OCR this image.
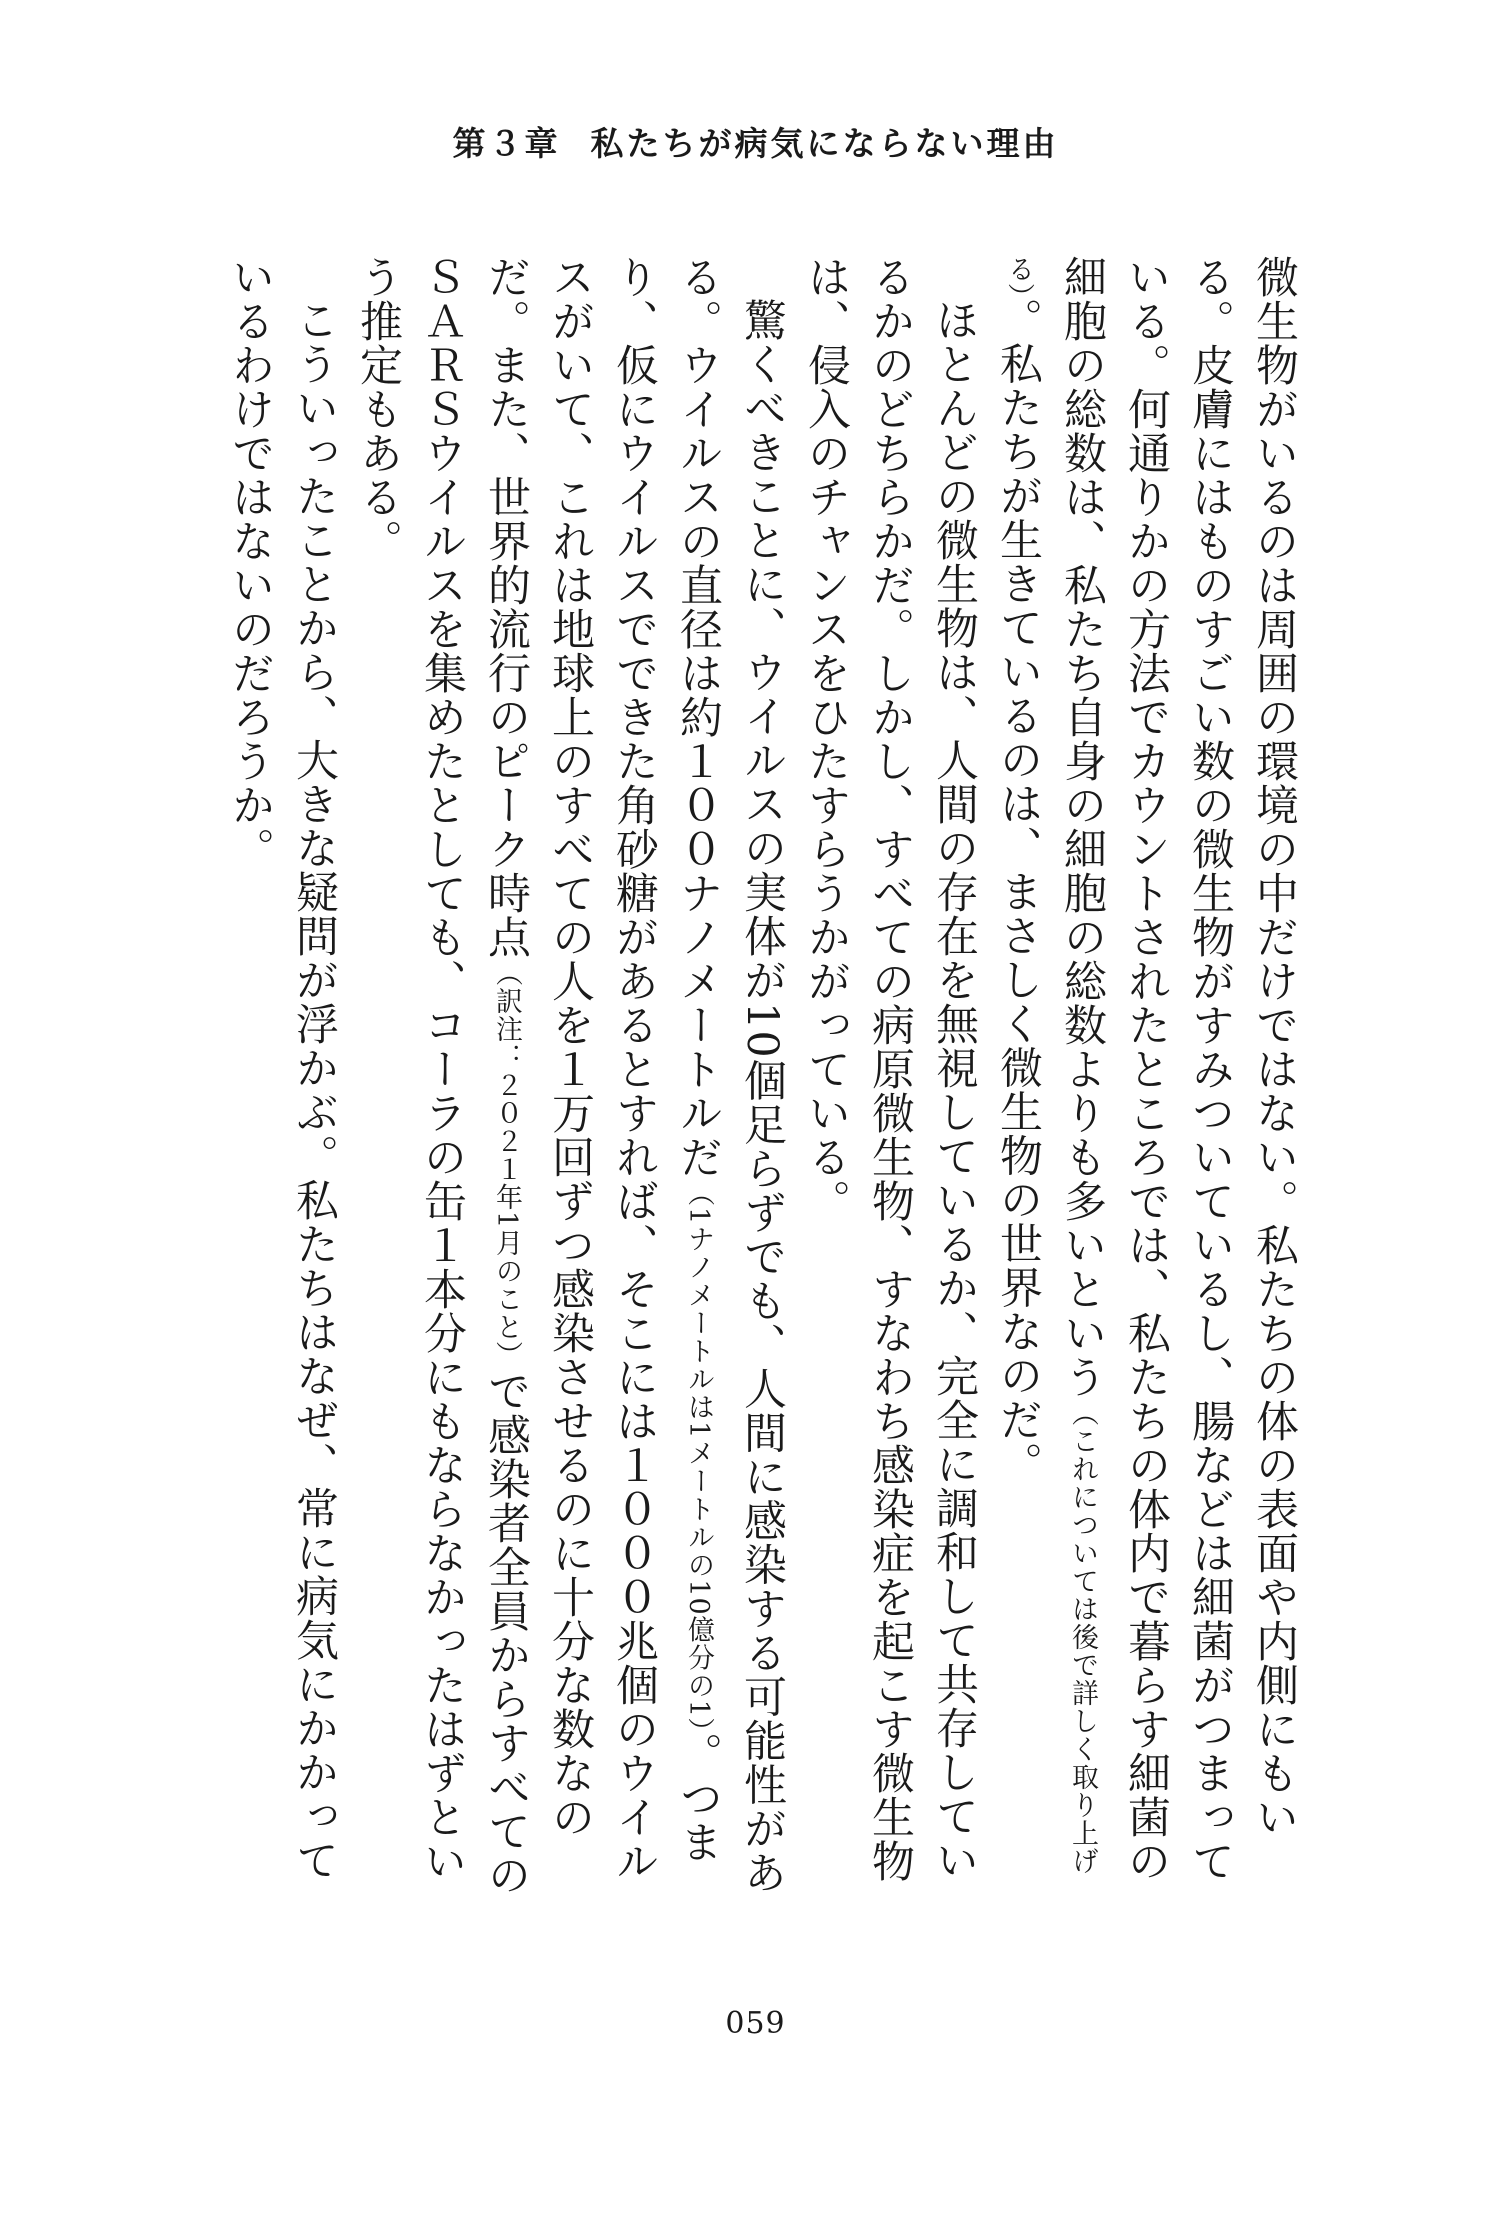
第３章 私たちが病気にならない理由

微生物がいるのは周囲の環境の中だけではない。私たちの体の表面や内側にもいる。皮膚にはものすごい数の微生物がすみついているし、腸などは細菌がつまっている。何通りかの方法でカウントされたところでは、私たちの体内で暮らす細菌の細胞の総数は、私たち自身の細胞の総数よりも多いという（これについては後で詳しく取り上げる）。私たちが生きているのは、まさしく微生物の世界なのだ。

ほとんどの微生物は、人間の存在を無視しているか、完全に調和して共存しているかのどちらかだ。しかし、すべての病原微生物、すなわち感染症を起こす微生物は、侵入のチャンスをひたすらうかがっている。

驚くべきことに、ウイルスの実体が10個足らずでも、人間に感染する可能性がある。ウイルスの直径は約１００ナノメートルだ（1ナノメートルは1メートルの10億分の1）。つまり、仮にウイルスでできた角砂糖があるとすれば、そこには１０００兆個のウイルスがいて、これは地球上のすべての人を１万回ずつ感染させるのに十分な数なのだ。また、世界的流行のピーク時点（訳注：２０２１年1月のこと）で感染者全員からすべてのＳＡＲＳウイルスを集めたとしても、コーラの缶１本分にもならなかったはずという推定もある。

こういったことから、大きな疑問が浮かぶ。私たちはなぜ、常に病気にかかっているわけではないのだろうか。

059
